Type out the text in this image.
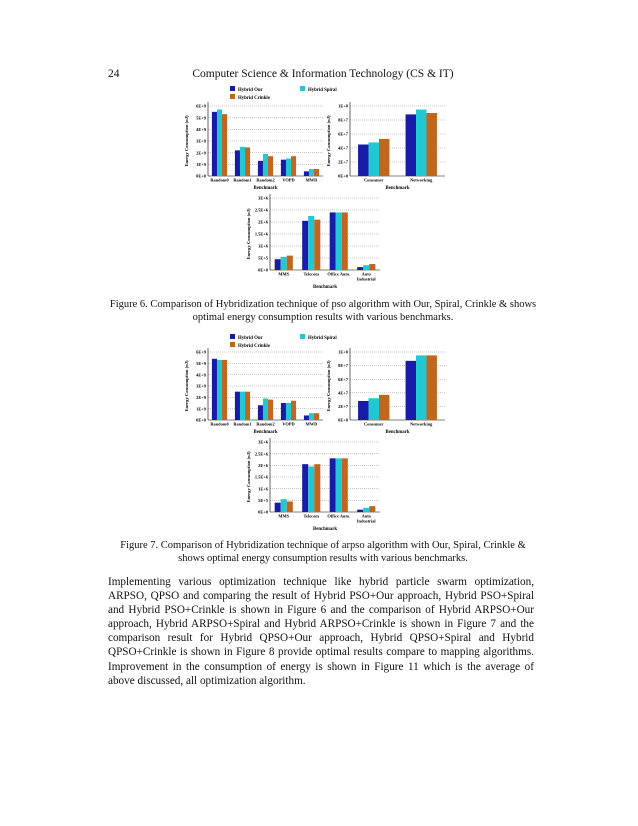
24	Computer Science & Information Technology (CS & IT)
Hybrid Our	Hybrid Spiral
Hybrid Crinkle
0E+0
1E+9
2E+9
3E+9
4E+9
5E+9
6E+9
Energy Consumption (nJ)
Random0 Random1 Random2 VOPD MWD
Benchmark
0E+0
2E+7
4E+7
6E+7
8E+7
1E+8
Energy Consumption (nJ)
Consumer	Networking
Benchmark
0E+0
5E+5
1E+6
1.5E+6
2E+6
2.5E+6
3E+6
Energy Consumption (nJ)
MMS	Telecom Office Auto.	Auto Industrial
Benchmark
Figure 6. Comparison of Hybridization technique of pso algorithm with Our, Spiral, Crinkle & shows optimal energy consumption results with various benchmarks.
Hybrid Our	Hybrid Spiral
Hybrid Crinkle
0E+0
1E+9
2E+9
3E+9
4E+9
5E+9
6E+9
Energy Consumption (nJ)
Random0 Random1 Random2 VOPD MWD
Benchmark
0E+0
2E+7
4E+7
6E+7
8E+7
1E+8
Energy Consumption (nJ)
Consumer	Networking
Benchmark
0E+0
5E+5
1E+6
1.5E+6
2E+6
2.5E+6
3E+6
Energy Consumption (nJ)
MMS	Telecom Office Auto.	Auto Industrial
Benchmark
Figure 7. Comparison of Hybridization technique of arpso algorithm with Our, Spiral, Crinkle & shows optimal energy consumption results with various benchmarks.
Implementing various optimization technique like hybrid particle swarm optimization, ARPSO, QPSO and comparing the result of Hybrid PSO+Our approach, Hybrid PSO+Spiral and Hybrid PSO+Crinkle is shown in Figure 6 and the comparison of Hybrid ARPSO+Our approach, Hybrid ARPSO+Spiral and Hybrid ARPSO+Crinkle is shown in Figure 7 and the comparison result for Hybrid QPSO+Our approach, Hybrid QPSO+Spiral and Hybrid QPSO+Crinkle is shown in Figure 8 provide optimal results compare to mapping algorithms. Improvement in the consumption of energy is shown in Figure 11 which is the average of above discussed, all optimization algorithm.
